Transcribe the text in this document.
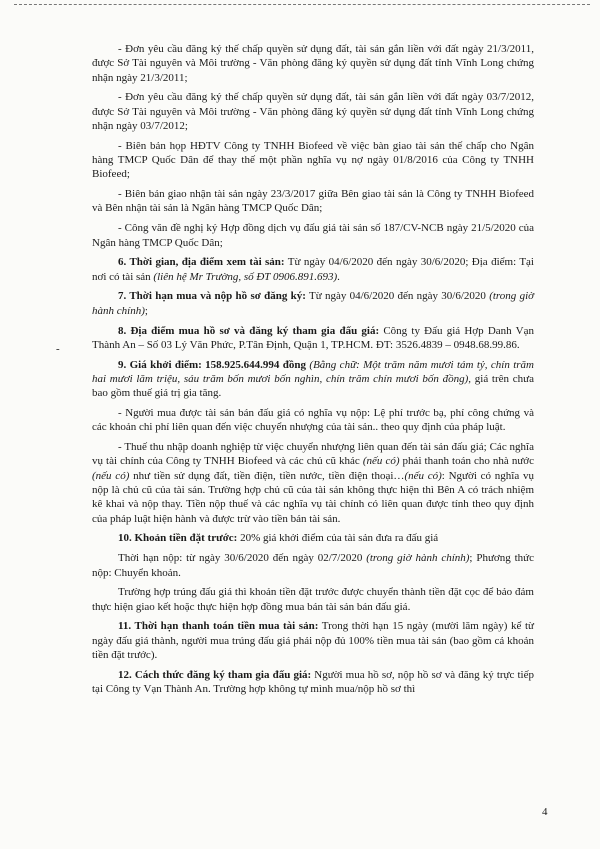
-

- Đơn yêu cầu đăng ký thế chấp quyền sử dụng đất, tài sản gắn liền với đất ngày 21/3/2011, được Sở Tài nguyên và Môi trường - Văn phòng đăng ký quyền sử dụng đất tỉnh Vĩnh Long chứng nhận ngày 21/3/2011;

- Đơn yêu cầu đăng ký thế chấp quyền sử dụng đất, tài sản gắn liền với đất ngày 03/7/2012, được Sở Tài nguyên và Môi trường - Văn phòng đăng ký quyền sử dụng đất tỉnh Vĩnh Long chứng nhận ngày 03/7/2012;

- Biên bản họp HĐTV Công ty TNHH Biofeed về việc bàn giao tài sản thế chấp cho Ngân hàng TMCP Quốc Dân để thay thế một phần nghĩa vụ nợ ngày 01/8/2016 của Công ty TNHH Biofeed;

- Biên bản giao nhận tài sản ngày 23/3/2017 giữa Bên giao tài sản là Công ty TNHH Biofeed và Bên nhận tài sản là Ngân hàng TMCP Quốc Dân;

- Công văn đề nghị ký Hợp đồng dịch vụ đấu giá tài sản số 187/CV-NCB ngày 21/5/2020 của Ngân hàng TMCP Quốc Dân;

6. Thời gian, địa điểm xem tài sản: Từ ngày 04/6/2020 đến ngày 30/6/2020; Địa điểm: Tại nơi có tài sản (liên hệ Mr Trường, số ĐT 0906.891.693).

7. Thời hạn mua và nộp hồ sơ đăng ký: Từ ngày 04/6/2020 đến ngày 30/6/2020 (trong giờ hành chính);

8. Địa điểm mua hồ sơ và đăng ký tham gia đấu giá: Công ty Đấu giá Hợp Danh Vạn Thành An – Số 03 Lý Văn Phức, P.Tân Định, Quận 1, TP.HCM. ĐT: 3526.4839 – 0948.68.99.86.

9. Giá khởi điểm: 158.925.644.994 đồng (Bằng chữ: Một trăm năm mươi tám tỷ, chín trăm hai mươi lăm triệu, sáu trăm bốn mươi bốn nghìn, chín trăm chín mươi bốn đồng), giá trên chưa bao gồm thuế giá trị gia tăng.

- Người mua được tài sản bán đấu giá có nghĩa vụ nộp: Lệ phí trước bạ, phí công chứng và các khoản chi phí liên quan đến việc chuyển nhượng của tài sản.. theo quy định của pháp luật.

- Thuế thu nhập doanh nghiệp từ việc chuyển nhượng liên quan đến tài sản đấu giá; Các nghĩa vụ tài chính của Công ty TNHH Biofeed và các chủ cũ khác (nếu có) phải thanh toán cho nhà nước (nếu có) như tiền sử dụng đất, tiền điện, tiền nước, tiền điện thoại…(nếu có): Người có nghĩa vụ nộp là chủ cũ của tài sản. Trường hợp chủ cũ của tài sản không thực hiện thì Bên A có trách nhiệm kê khai và nộp thay. Tiền nộp thuế và các nghĩa vụ tài chính có liên quan được tính theo quy định của pháp luật hiện hành và được trừ vào tiền bán tài sản.

10. Khoản tiền đặt trước: 20% giá khởi điểm của tài sản đưa ra đấu giá

Thời hạn nộp: từ ngày 30/6/2020 đến ngày 02/7/2020 (trong giờ hành chính); Phương thức nộp: Chuyển khoản.

Trường hợp trúng đấu giá thì khoản tiền đặt trước được chuyển thành tiền đặt cọc để bảo đảm thực hiện giao kết hoặc thực hiện hợp đồng mua bán tài sản bán đấu giá.

11. Thời hạn thanh toán tiền mua tài sản: Trong thời hạn 15 ngày (mười lăm ngày) kể từ ngày đấu giá thành, người mua trúng đấu giá phải nộp đủ 100% tiền mua tài sản (bao gồm cả khoản tiền đặt trước).

12. Cách thức đăng ký tham gia đấu giá: Người mua hồ sơ, nộp hồ sơ và đăng ký trực tiếp tại Công ty Vạn Thành An. Trường hợp không tự mình mua/nộp hồ sơ thì

4
